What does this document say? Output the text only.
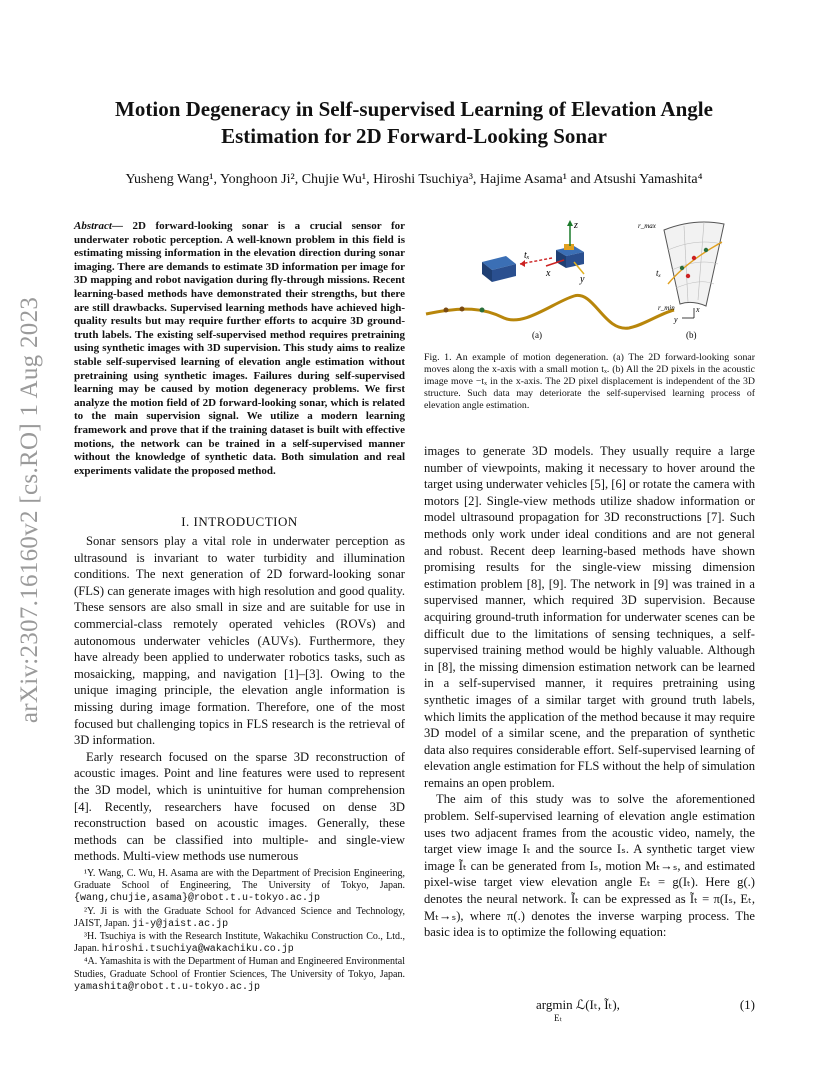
Motion Degeneracy in Self-supervised Learning of Elevation Angle Estimation for 2D Forward-Looking Sonar
Yusheng Wang¹, Yonghoon Ji², Chujie Wu¹, Hiroshi Tsuchiya³, Hajime Asama¹ and Atsushi Yamashita⁴
arXiv:2307.16160v2 [cs.RO] 1 Aug 2023
Abstract— 2D forward-looking sonar is a crucial sensor for underwater robotic perception. A well-known problem in this field is estimating missing information in the elevation direction during sonar imaging. There are demands to estimate 3D information per image for 3D mapping and robot navigation during fly-through missions. Recent learning-based methods have demonstrated their strengths, but there are still drawbacks. Supervised learning methods have achieved high-quality results but may require further efforts to acquire 3D ground-truth labels. The existing self-supervised method requires pretraining using synthetic images with 3D supervision. This study aims to realize stable self-supervised learning of elevation angle estimation without pretraining using synthetic images. Failures during self-supervised learning may be caused by motion degeneracy problems. We first analyze the motion field of 2D forward-looking sonar, which is related to the main supervision signal. We utilize a modern learning framework and prove that if the training dataset is built with effective motions, the network can be trained in a self-supervised manner without the knowledge of synthetic data. Both simulation and real experiments validate the proposed method.
I. INTRODUCTION

Sonar sensors play a vital role in underwater perception as ultrasound is invariant to water turbidity and illumination conditions. The next generation of 2D forward-looking sonar (FLS) can generate images with high resolution and good quality. These sensors are also small in size and are suitable for use in commercial-class remotely operated vehicles (ROVs) and autonomous underwater vehicles (AUVs). Furthermore, they have already been applied to underwater robotics tasks, such as mosaicking, mapping, and navigation [1]–[3]. Owing to the unique imaging principle, the elevation angle information is missing during image formation. Therefore, one of the most focused but challenging topics in FLS research is the retrieval of 3D information.

Early research focused on the sparse 3D reconstruction of acoustic images. Point and line features were used to represent the 3D model, which is unintuitive for human comprehension [4]. Recently, researchers have focused on dense 3D reconstruction based on acoustic images. Generally, these methods can be classified into multiple- and single-view methods. Multi-view methods use numerous

¹Y. Wang, C. Wu, H. Asama are with the Department of Precision Engineering, Graduate School of Engineering, The University of Tokyo, Japan. {wang,chujie,asama}@robot.t.u-tokyo.ac.jp

²Y. Ji is with the Graduate School for Advanced Science and Technology, JAIST, Japan. ji-y@jaist.ac.jp

³H. Tsuchiya is with the Research Institute, Wakachiku Construction Co., Ltd., Japan. hiroshi.tsuchiya@wakachiku.co.jp

⁴A. Yamashita is with the Department of Human and Engineered Environmental Studies, Graduate School of Frontier Sciences, The University of Tokyo, Japan. yamashita@robot.t.u-tokyo.ac.jp

z
tₓ
x
y
(a)
r_max
r_min
tₓ
y
x
(b)
Fig. 1. An example of motion degeneration. (a) The 2D forward-looking sonar moves along the x-axis with a small motion tₓ. (b) All the 2D pixels in the acoustic image move −tₓ in the x-axis. The 2D pixel displacement is independent of the 3D structure. Such data may deteriorate the self-supervised learning process of elevation angle estimation.

images to generate 3D models. They usually require a large number of viewpoints, making it necessary to hover around the target using underwater vehicles [5], [6] or rotate the camera with motors [2]. Single-view methods utilize shadow information or model ultrasound propagation for 3D reconstructions [7]. Such methods only work under ideal conditions and are not general and robust. Recent deep learning-based methods have shown promising results for the single-view missing dimension estimation problem [8], [9]. The network in [9] was trained in a supervised manner, which required 3D supervision. Because acquiring ground-truth information for underwater scenes can be difficult due to the limitations of sensing techniques, a self-supervised training method would be highly valuable. Although in [8], the missing dimension estimation network can be learned in a self-supervised manner, it requires pretraining using synthetic images of a similar target with ground truth labels, which limits the application of the method because it may require 3D model of a similar scene, and the preparation of synthetic data also requires considerable effort. Self-supervised learning of elevation angle estimation for FLS without the help of simulation remains an open problem.

The aim of this study was to solve the aforementioned problem. Self-supervised learning of elevation angle estimation uses two adjacent frames from the acoustic video, namely, the target view image Iₜ and the source Iₛ. A synthetic target view image Ĩₜ can be generated from Iₛ, motion Mₜ→ₛ, and estimated pixel-wise target view elevation angle Eₜ = g(Iₜ). Here g(.) denotes the neural network. Ĩₜ can be expressed as Ĩₜ = π(Iₛ, Eₜ, Mₜ→ₛ), where π(.) denotes the inverse warping process. The basic idea is to optimize the following equation:

argmin ℒ(Iₜ, Ĩₜ),
Eₜ
(1)
